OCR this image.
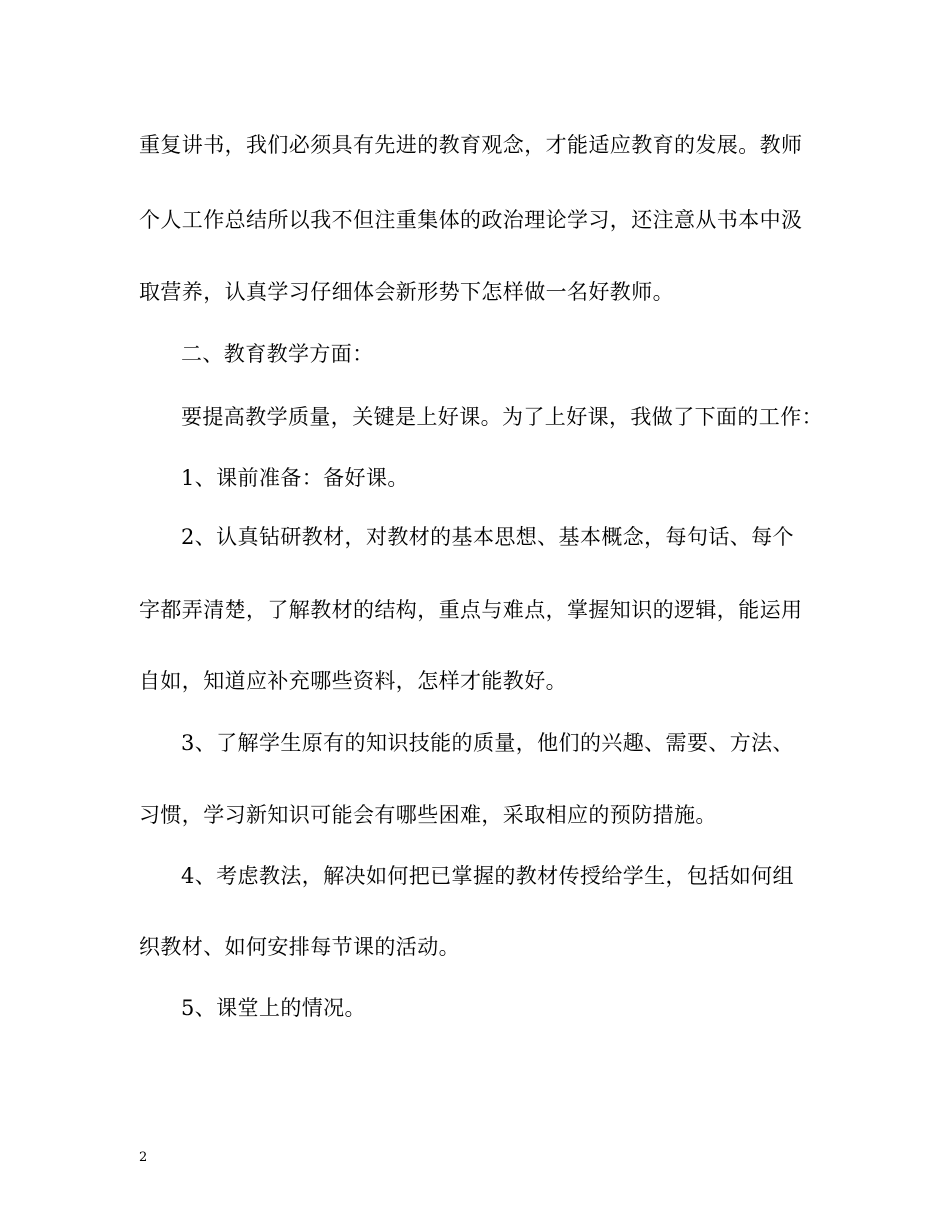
重复讲书，我们必须具有先进的教育观念，才能适应教育的发展。教师
个人工作总结所以我不但注重集体的政治理论学习，还注意从书本中汲
取营养，认真学习仔细体会新形势下怎样做一名好教师。
二、教育教学方面：
要提高教学质量，关键是上好课。为了上好课，我做了下面的工作：
1、课前准备：备好课。
2、认真钻研教材，对教材的基本思想、基本概念，每句话、每个
字都弄清楚，了解教材的结构，重点与难点，掌握知识的逻辑，能运用
自如，知道应补充哪些资料，怎样才能教好。
3、了解学生原有的知识技能的质量，他们的兴趣、需要、方法、
习惯，学习新知识可能会有哪些困难，采取相应的预防措施。
4、考虑教法，解决如何把已掌握的教材传授给学生，包括如何组
织教材、如何安排每节课的活动。
5、课堂上的情况。
2
